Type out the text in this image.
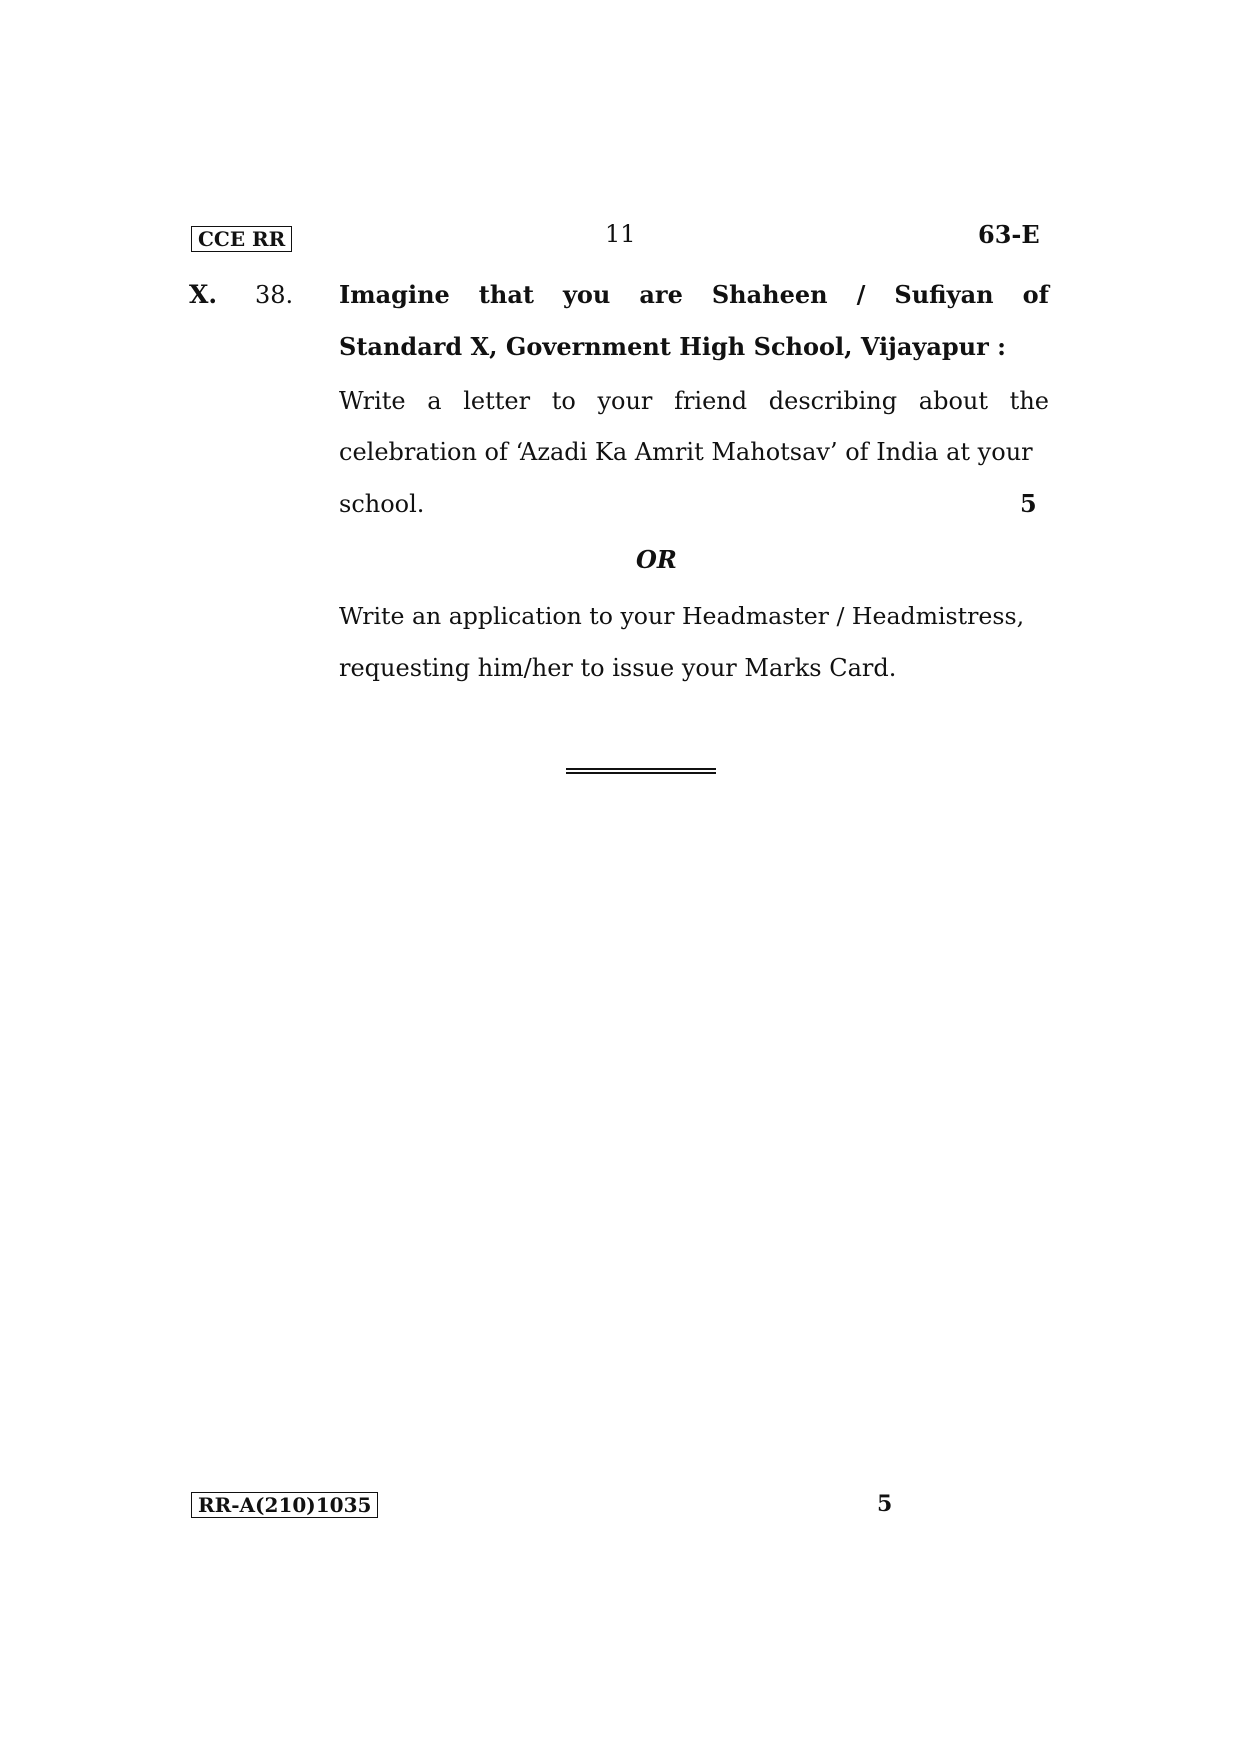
CCE RR	11	63-E
X. 38. Imagine that you are Shaheen / Sufiyan of
Standard X, Government High School, Vijayapur :
Write a letter to your friend describing about the
celebration of ‘Azadi Ka Amrit Mahotsav’ of India at your
school.	5
OR
Write an application to your Headmaster / Headmistress,
requesting him/her to issue your Marks Card.
RR-A(210)1035	5
